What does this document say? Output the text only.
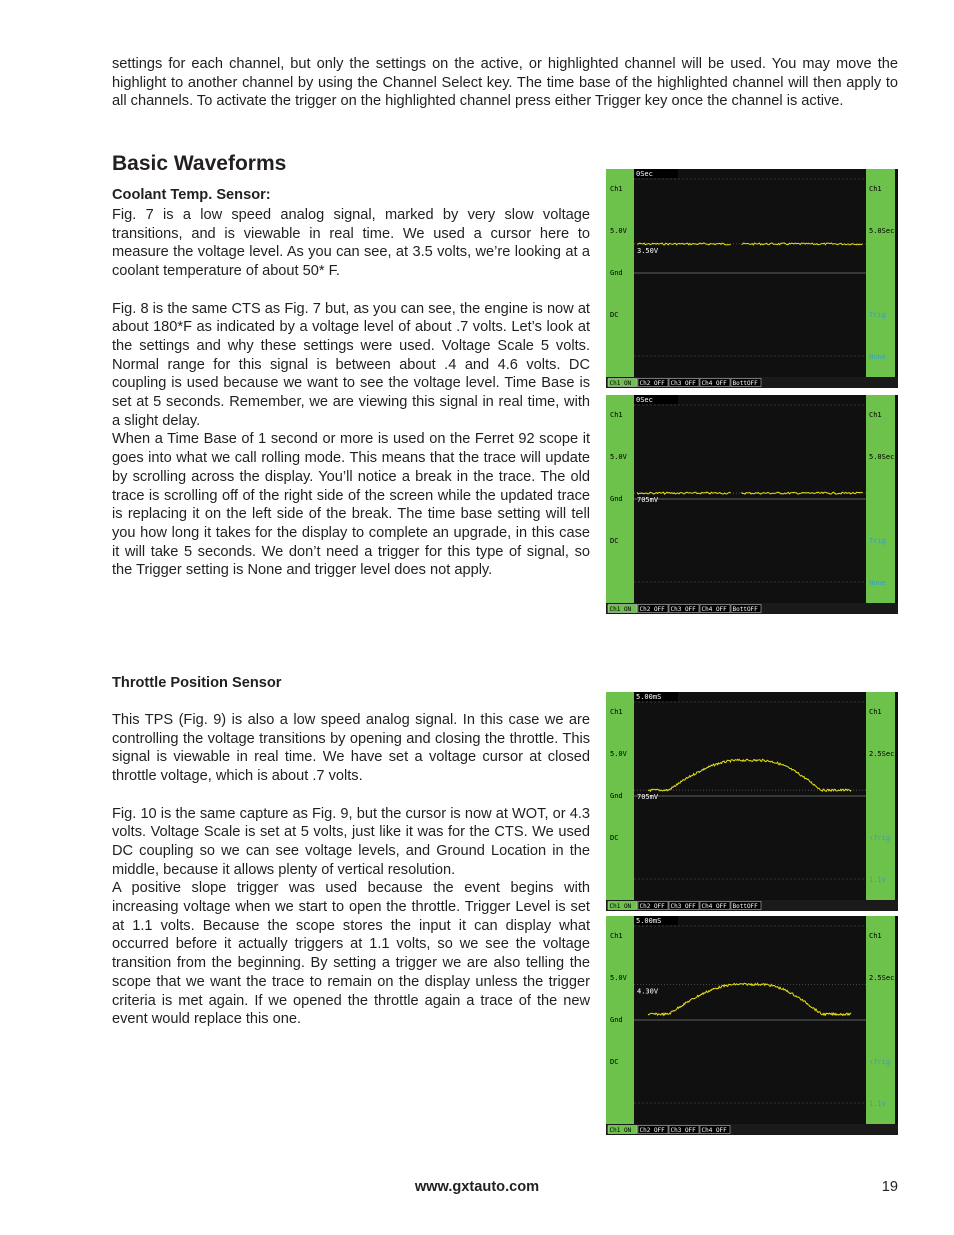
settings for each channel, but only the settings on the active, or highlighted channel will be used. You may move the highlight to another channel by using the Channel Select key. The time base of the highlighted channel will then apply to all channels. To activate the trigger on the highlighted channel press either Trigger key once the channel is active.

Basic Waveforms

Coolant Temp. Sensor:

Fig. 7 is a low speed analog signal, marked by very slow voltage transitions, and is viewable in real time. We used a cursor here to measure the voltage level. As you can see, at 3.5 volts, we’re looking at a coolant temperature of about 50* F.

Fig. 8 is the same CTS as Fig. 7 but, as you can see, the engine is now at about 180*F as indicated by a voltage level of about .7 volts. Let’s look at the settings and why these settings were used. Voltage Scale 5 volts. Normal range for this signal is between about .4 and 4.6 volts. DC coupling is used because we want to see the voltage level. Time Base is set at 5 seconds. Remember, we are viewing this signal in real time, with a slight delay.

When a Time Base of 1 second or more is used on the Ferret 92 scope it goes into what we call rolling mode. This means that the trace will update by scrolling across the display. You’ll notice a break in the trace. The old trace is scrolling off of the right side of the screen while the updated trace is replacing it on the left side of the break. The time base setting will tell you how long it takes for the display to complete an upgrade, in this case it will take 5 seconds. We don’t need a trigger for this type of signal, so the Trigger setting is None and trigger level does not apply.

Throttle Position Sensor

This TPS (Fig. 9) is also a low speed analog signal. In this case we are controlling the voltage transitions by opening and closing the throttle. This signal is viewable in real time. We have set a voltage cursor at closed throttle voltage, which is about .7 volts.

Fig. 10 is the same capture as Fig. 9, but the cursor is now at WOT, or 4.3 volts. Voltage Scale is set at 5 volts, just like it was for the CTS. We used DC coupling so we can see voltage levels, and Ground Location in the middle, because it allows plenty of vertical resolution.

A positive slope trigger was used because the event begins with increasing voltage when we start to open the throttle. Trigger Level is set at 1.1 volts. Because the scope stores the input it can display what occurred before it actually triggers at 1.1 volts, so we see the voltage transition from the beginning. By setting a trigger we are also telling the scope that we want the trace to remain on the display unless the trigger criteria is met again. If we opened the throttle again a trace of the new event would replace this one.

Ch1
5.0V
Gnd
DC
Ch1
5.0Sec
Trig
None
0Sec
3.50V
Ch1 ON Ch2 OFF Ch3 OFF Ch4 OFF BottOFF
Ch1
5.0V
Gnd
DC
Ch1
5.0Sec
Trig
None
0Sec
705mV
Ch1 ON Ch2 OFF Ch3 OFF Ch4 OFF BottOFF
Ch1
5.0V
Gnd
DC
Ch1
2.5Sec
↑Trig
1.1V
5.00mS
705mV
Ch1 ON Ch2 OFF Ch3 OFF Ch4 OFF BottOFF
Ch1
5.0V
Gnd
DC
Ch1
2.5Sec
↑Trig
1.1V
5.00mS
4.30V
Ch1 ON Ch2 OFF Ch3 OFF Ch4 OFF
www.gxtauto.com	19
